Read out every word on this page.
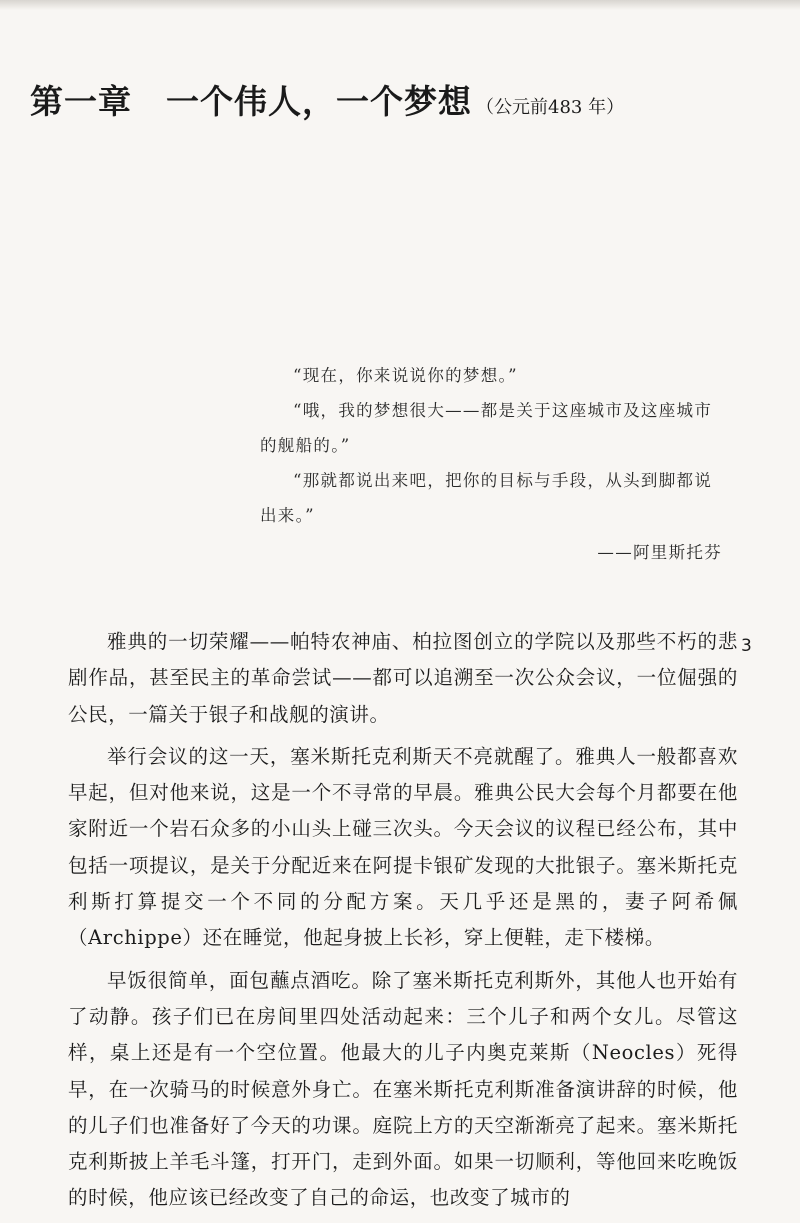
第一章 一个伟人，一个梦想 （公元前483 年）

“现在，你来说说你的梦想。”

“哦，我的梦想很大——都是关于这座城市及这座城市的舰船的。”

“那就都说出来吧，把你的目标与手段，从头到脚都说出来。”

——阿里斯托芬

3

雅典的一切荣耀——帕特农神庙、柏拉图创立的学院以及那些不朽的悲剧作品，甚至民主的革命尝试——都可以追溯至一次公众会议，一位倔强的公民，一篇关于银子和战舰的演讲。

举行会议的这一天，塞米斯托克利斯天不亮就醒了。雅典人一般都喜欢早起，但对他来说，这是一个不寻常的早晨。雅典公民大会每个月都要在他家附近一个岩石众多的小山头上碰三次头。今天会议的议程已经公布，其中包括一项提议，是关于分配近来在阿提卡银矿发现的大批银子。塞米斯托克利斯打算提交一个不同的分配方案。天几乎还是黑的，妻子阿希佩（Archippe）还在睡觉，他起身披上长衫，穿上便鞋，走下楼梯。

早饭很简单，面包蘸点酒吃。除了塞米斯托克利斯外，其他人也开始有了动静。孩子们已在房间里四处活动起来：三个儿子和两个女儿。尽管这样，桌上还是有一个空位置。他最大的儿子内奥克莱斯（Neocles）死得早，在一次骑马的时候意外身亡。在塞米斯托克利斯准备演讲辞的时候，他的儿子们也准备好了今天的功课。庭院上方的天空渐渐亮了起来。塞米斯托克利斯披上羊毛斗篷，打开门，走到外面。如果一切顺利，等他回来吃晚饭的时候，他应该已经改变了自己的命运，也改变了城市的
